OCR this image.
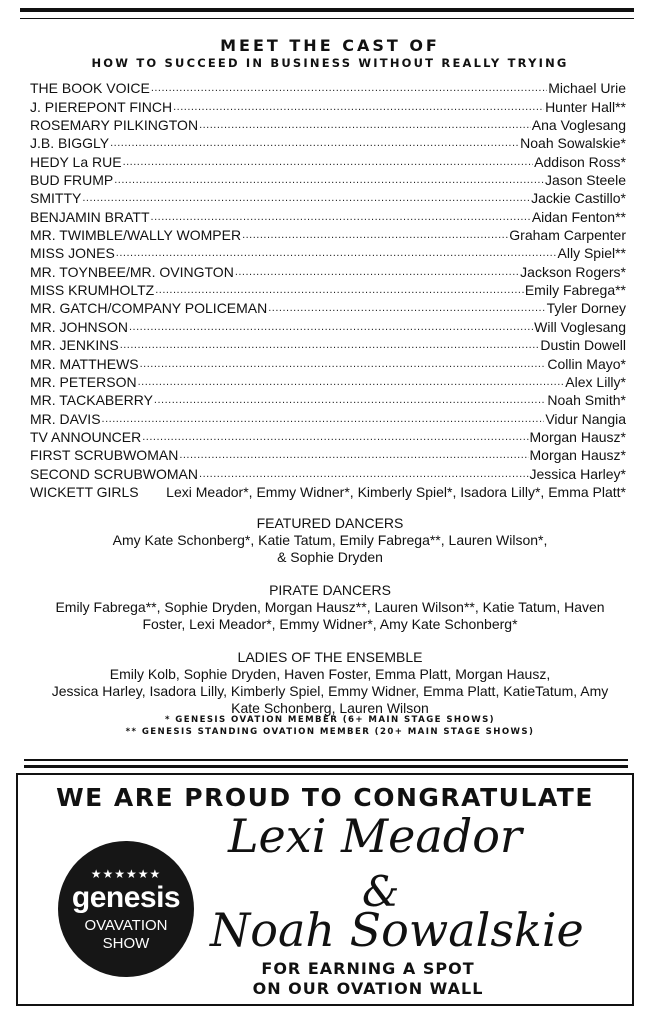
MEET THE CAST OF
HOW TO SUCCEED IN BUSINESS WITHOUT REALLY TRYING
THE BOOK VOICE .....	Michael Urie
J. PIEREPONT FINCH .....	Hunter Hall**
ROSEMARY PILKINGTON .....	Ana Voglesang
J.B. BIGGLY .....	Noah Sowalskie*
HEDY La RUE .....	Addison Ross*
BUD FRUMP .....	Jason Steele
SMITTY .....	Jackie Castillo*
BENJAMIN BRATT .....	Aidan Fenton**
MR. TWIMBLE/WALLY WOMPER .....	Graham Carpenter
MISS JONES .....	Ally Spiel**
MR. TOYNBEE/MR. OVINGTON .....	Jackson Rogers*
MISS KRUMHOLTZ .....	Emily Fabrega**
MR. GATCH/COMPANY POLICEMAN .....	Tyler Dorney
MR. JOHNSON .....	Will Voglesang
MR. JENKINS .....	Dustin Dowell
MR. MATTHEWS .....	Collin Mayo*
MR. PETERSON .....	Alex Lilly*
MR. TACKABERRY .....	Noah Smith*
MR. DAVIS .....	Vidur Nangia
TV ANNOUNCER .....	Morgan Hausz*
FIRST SCRUBWOMAN .....	Morgan Hausz*
SECOND SCRUBWOMAN .....	Jessica Harley*
WICKETT GIRLS Lexi Meador*, Emmy Widner*, Kimberly Spiel*, Isadora Lilly*, Emma Platt*
FEATURED DANCERS
Amy Kate Schonberg*, Katie Tatum, Emily Fabrega**, Lauren Wilson*,
& Sophie Dryden
PIRATE DANCERS
Emily Fabrega**, Sophie Dryden, Morgan Hausz**, Lauren Wilson**, Katie Tatum, Haven
Foster, Lexi Meador*, Emmy Widner*, Amy Kate Schonberg*
LADIES OF THE ENSEMBLE
Emily Kolb, Sophie Dryden, Haven Foster, Emma Platt, Morgan Hausz,
Jessica Harley, Isadora Lilly, Kimberly Spiel, Emmy Widner, Emma Platt, KatieTatum, Amy
Kate Schonberg, Lauren Wilson
* GENESIS OVATION MEMBER (6+ MAIN STAGE SHOWS)
** GENESIS STANDING OVATION MEMBER (20+ MAIN STAGE SHOWS)
WE ARE PROUD TO CONGRATULATE
★★★★★★
genesis
OVAVATION
SHOW
Lexi Meador
&
Noah Sowalskie
FOR EARNING A SPOT
ON OUR OVATION WALL
